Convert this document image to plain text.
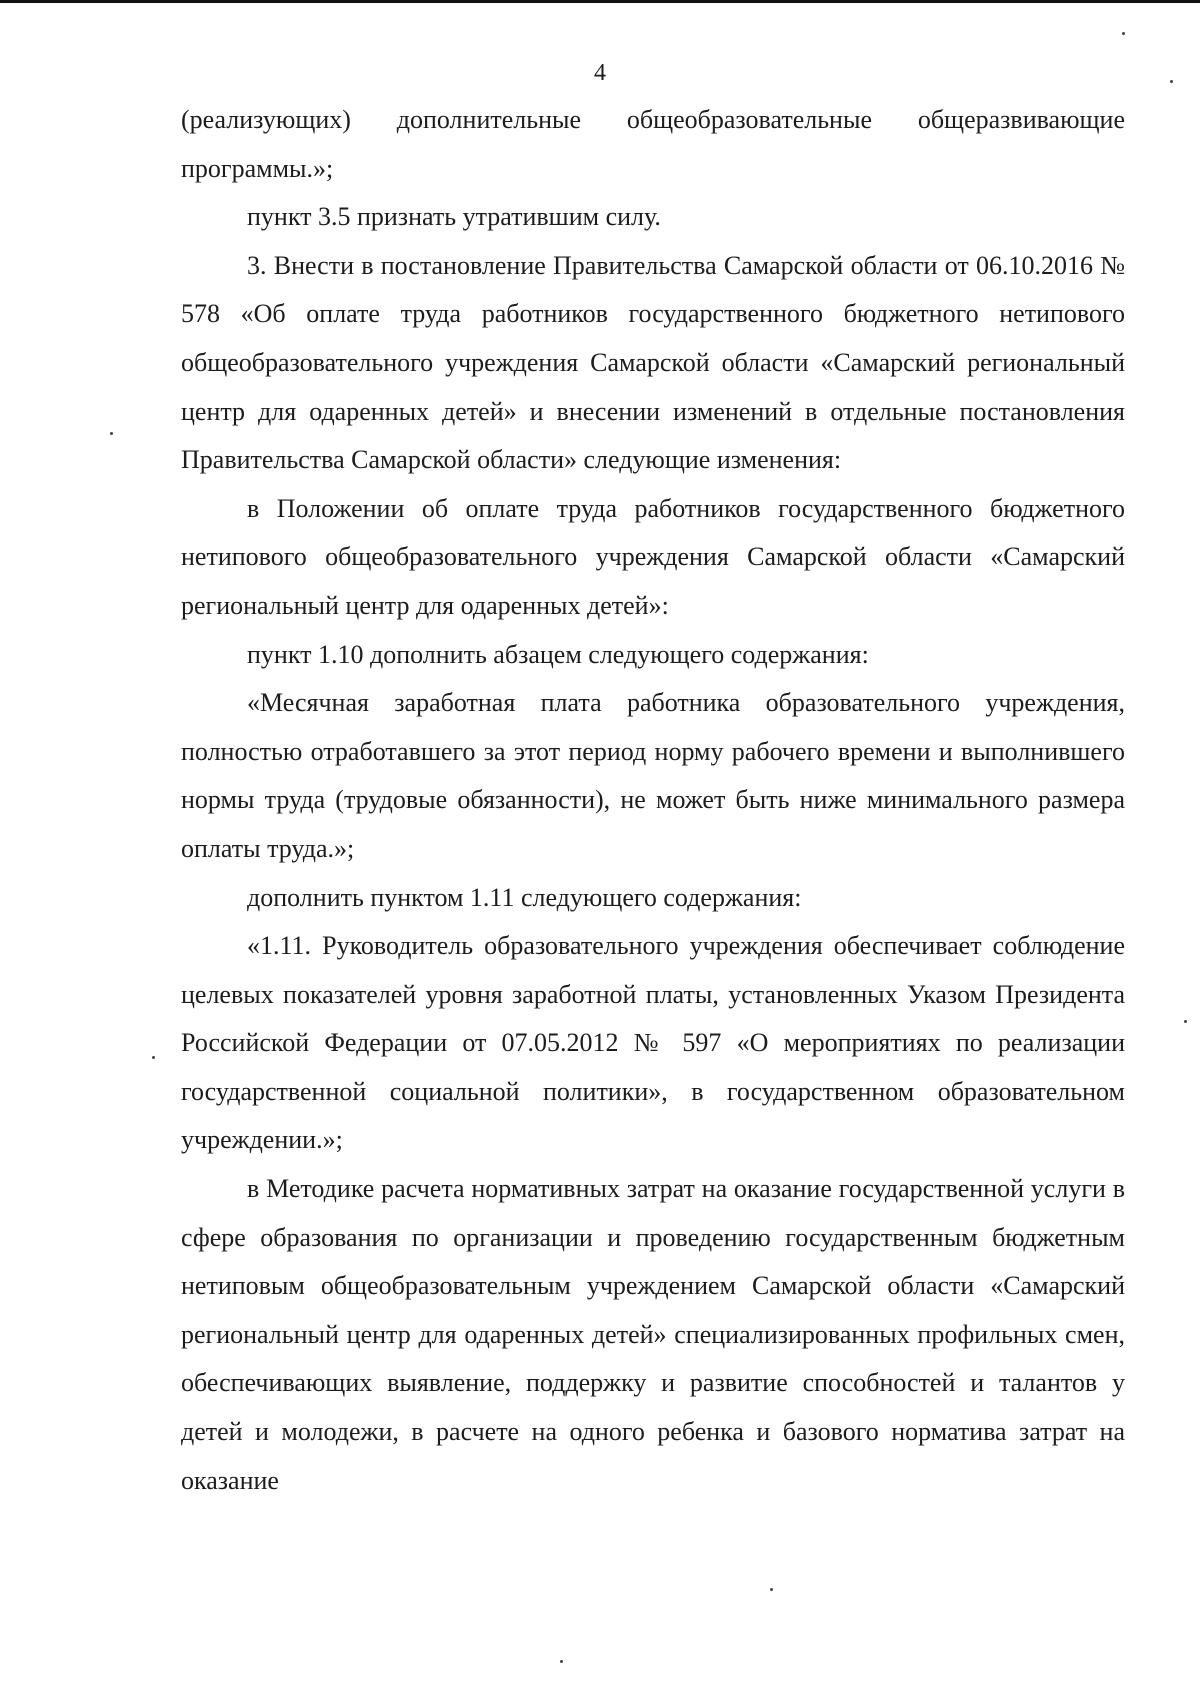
4

(реализующих) дополнительные общеобразовательные общеразвивающие программы.»;

пункт 3.5 признать утратившим силу.

3. Внести в постановление Правительства Самарской области от 06.10.2016 № 578 «Об оплате труда работников государственного бюджетного нетипового общеобразовательного учреждения Самарской области «Самарский региональный центр для одаренных детей» и внесении изменений в отдельные постановления Правительства Самарской области» следующие изменения:

в Положении об оплате труда работников государственного бюджетного нетипового общеобразовательного учреждения Самарской области «Самарский региональный центр для одаренных детей»:

пункт 1.10 дополнить абзацем следующего содержания:

«Месячная заработная плата работника образовательного учреждения, полностью отработавшего за этот период норму рабочего времени и выполнившего нормы труда (трудовые обязанности), не может быть ниже минимального размера оплаты труда.»;

дополнить пунктом 1.11 следующего содержания:

«1.11. Руководитель образовательного учреждения обеспечивает соблюдение целевых показателей уровня заработной платы, установленных Указом Президента Российской Федерации от 07.05.2012 № 597 «О мероприятиях по реализации государственной социальной политики», в государственном образовательном учреждении.»;

в Методике расчета нормативных затрат на оказание государственной услуги в сфере образования по организации и проведению государственным бюджетным нетиповым общеобразовательным учреждением Самарской области «Самарский региональный центр для одаренных детей» специализированных профильных смен, обеспечивающих выявление, поддержку и развитие способностей и талантов у детей и молодежи, в расчете на одного ребенка и базового норматива затрат на оказание
